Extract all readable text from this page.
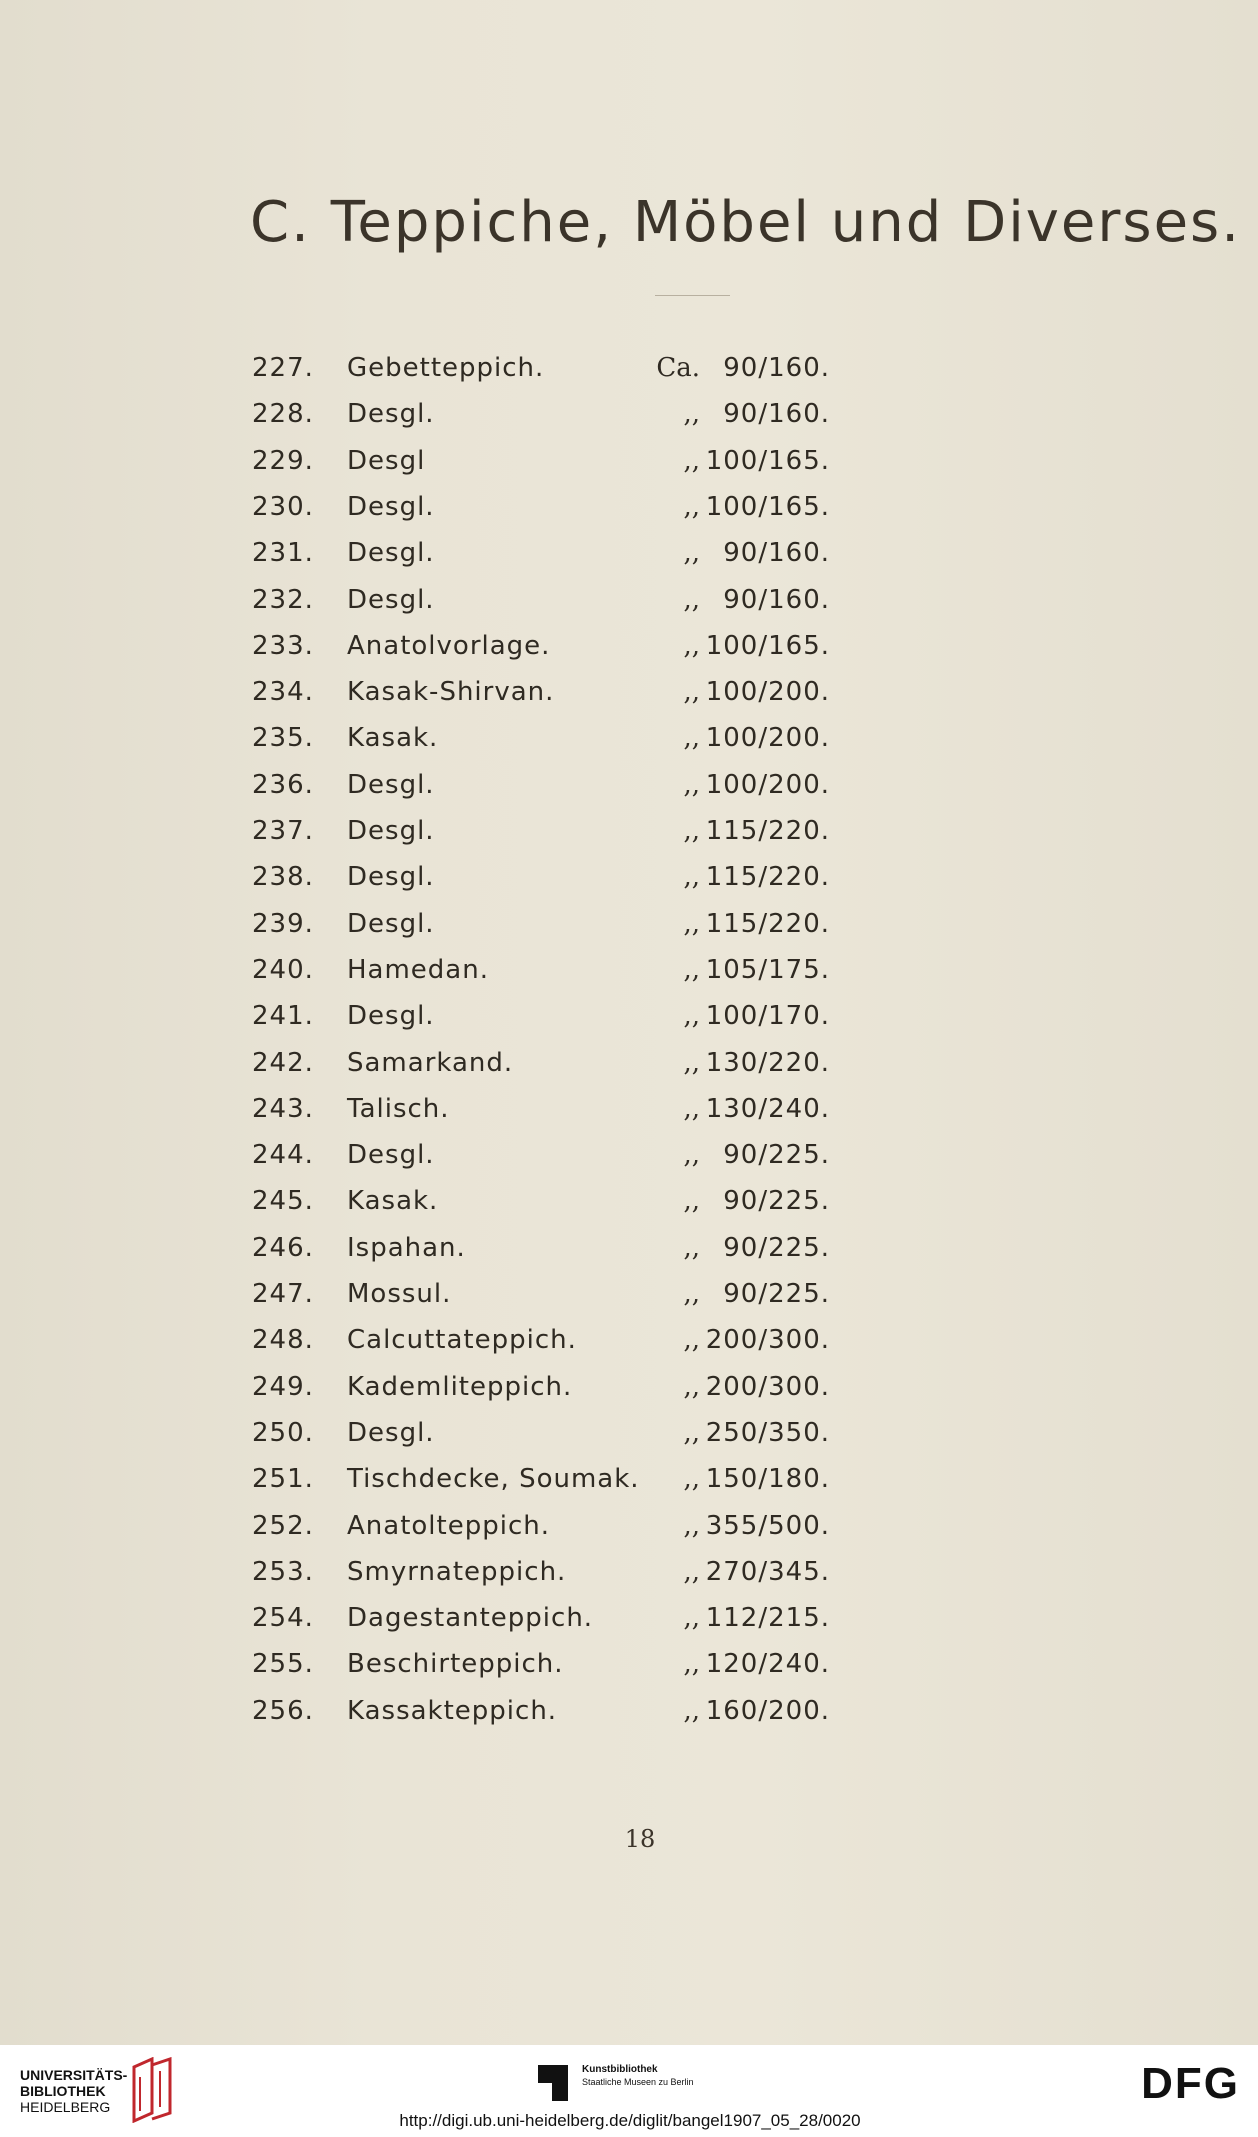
C. Teppiche, Möbel und Diverses.
227.	Gebetteppich.	Ca. 90/160.
228.	Desgl.	,, 90/160.
229.	Desgl	,, 100/165.
230.	Desgl.	,, 100/165.
231.	Desgl.	,, 90/160.
232.	Desgl.	,, 90/160.
233.	Anatolvorlage.	,, 100/165.
234.	Kasak-Shirvan.	,, 100/200.
235.	Kasak.	,, 100/200.
236.	Desgl.	,, 100/200.
237.	Desgl.	,, 115/220.
238.	Desgl.	,, 115/220.
239.	Desgl.	,, 115/220.
240.	Hamedan.	,, 105/175.
241.	Desgl.	,, 100/170.
242.	Samarkand.	,, 130/220.
243.	Talisch.	,, 130/240.
244.	Desgl.	,, 90/225.
245.	Kasak.	,, 90/225.
246.	Ispahan.	,, 90/225.
247.	Mossul.	,, 90/225.
248.	Calcuttateppich.	,, 200/300.
249.	Kademliteppich.	,, 200/300.
250.	Desgl.	,, 250/350.
251.	Tischdecke, Soumak.	,, 150/180.
252.	Anatolteppich.	,, 355/500.
253.	Smyrnateppich.	,, 270/345.
254.	Dagestanteppich.	,, 112/215.
255.	Beschirteppich.	,, 120/240.
256.	Kassakteppich.	,, 160/200.
18
UNIVERSITÄTS-
BIBLIOTHEK
HEIDELBERG
Kunstbibliothek
Staatliche Museen zu Berlin	DFG
http://digi.ub.uni-heidelberg.de/diglit/bangel1907_05_28/0020
